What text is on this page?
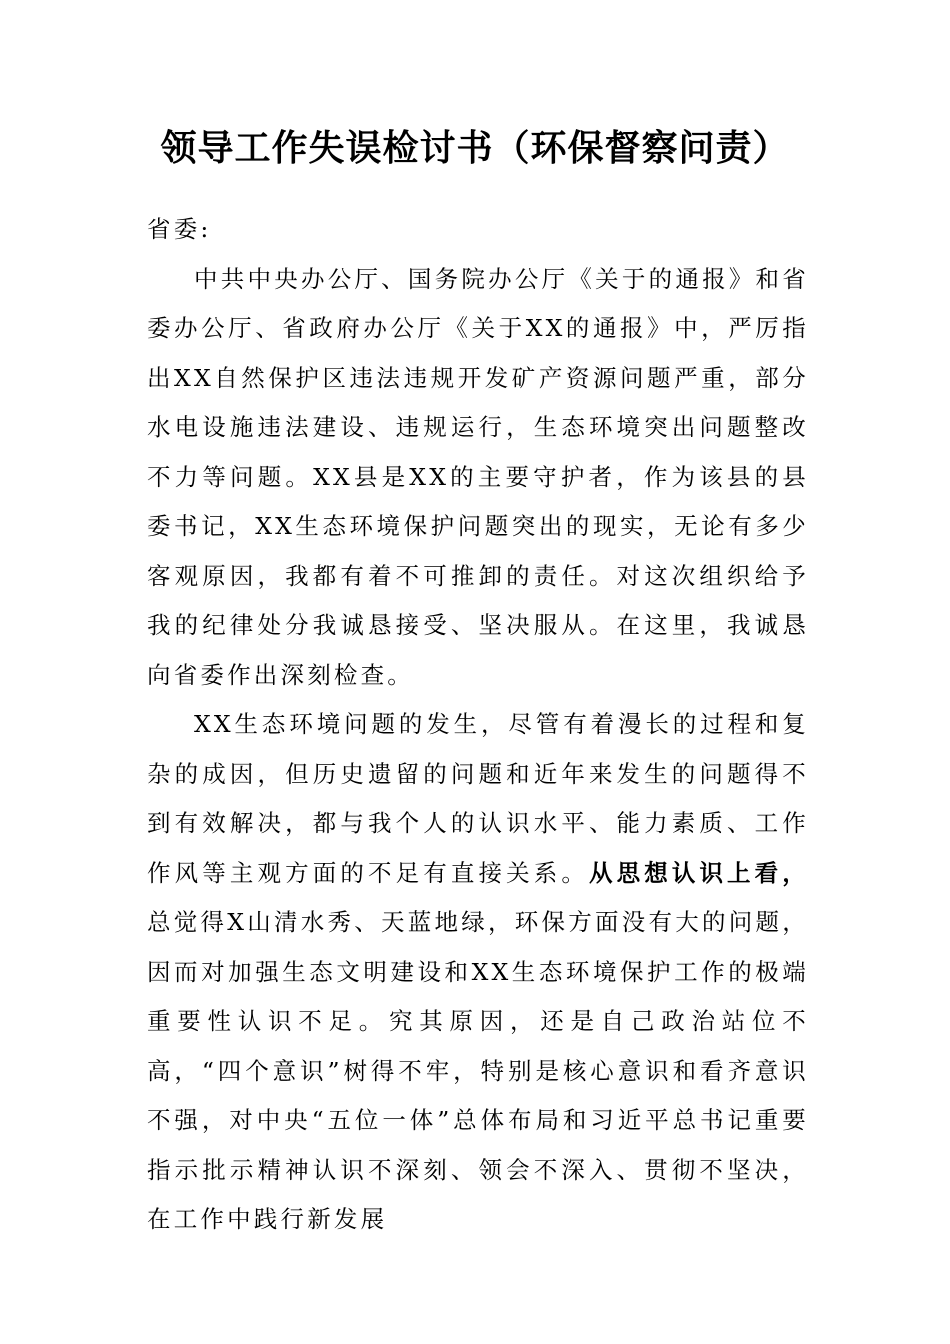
领导工作失误检讨书（环保督察问责）

省委:

中共中央办公厅、国务院办公厅《关于的通报》和省委办公厅、省政府办公厅《关于XX的通报》中，严厉指出XX自然保护区违法违规开发矿产资源问题严重，部分水电设施违法建设、违规运行，生态环境突出问题整改不力等问题。XX县是XX的主要守护者，作为该县的县委书记，XX生态环境保护问题突出的现实，无论有多少客观原因，我都有着不可推卸的责任。对这次组织给予我的纪律处分我诚恳接受、坚决服从。在这里，我诚恳向省委作出深刻检查。

XX生态环境问题的发生，尽管有着漫长的过程和复杂的成因，但历史遗留的问题和近年来发生的问题得不到有效解决，都与我个人的认识水平、能力素质、工作作风等主观方面的不足有直接关系。从思想认识上看，总觉得X山清水秀、天蓝地绿，环保方面没有大的问题，因而对加强生态文明建设和XX生态环境保护工作的极端重要性认识不足。究其原因，还是自己政治站位不高，“四个意识”树得不牢，特别是核心意识和看齐意识不强，对中央“五位一体”总体布局和习近平总书记重要指示批示精神认识不深刻、领会不深入、贯彻不坚决，在工作中践行新发展
